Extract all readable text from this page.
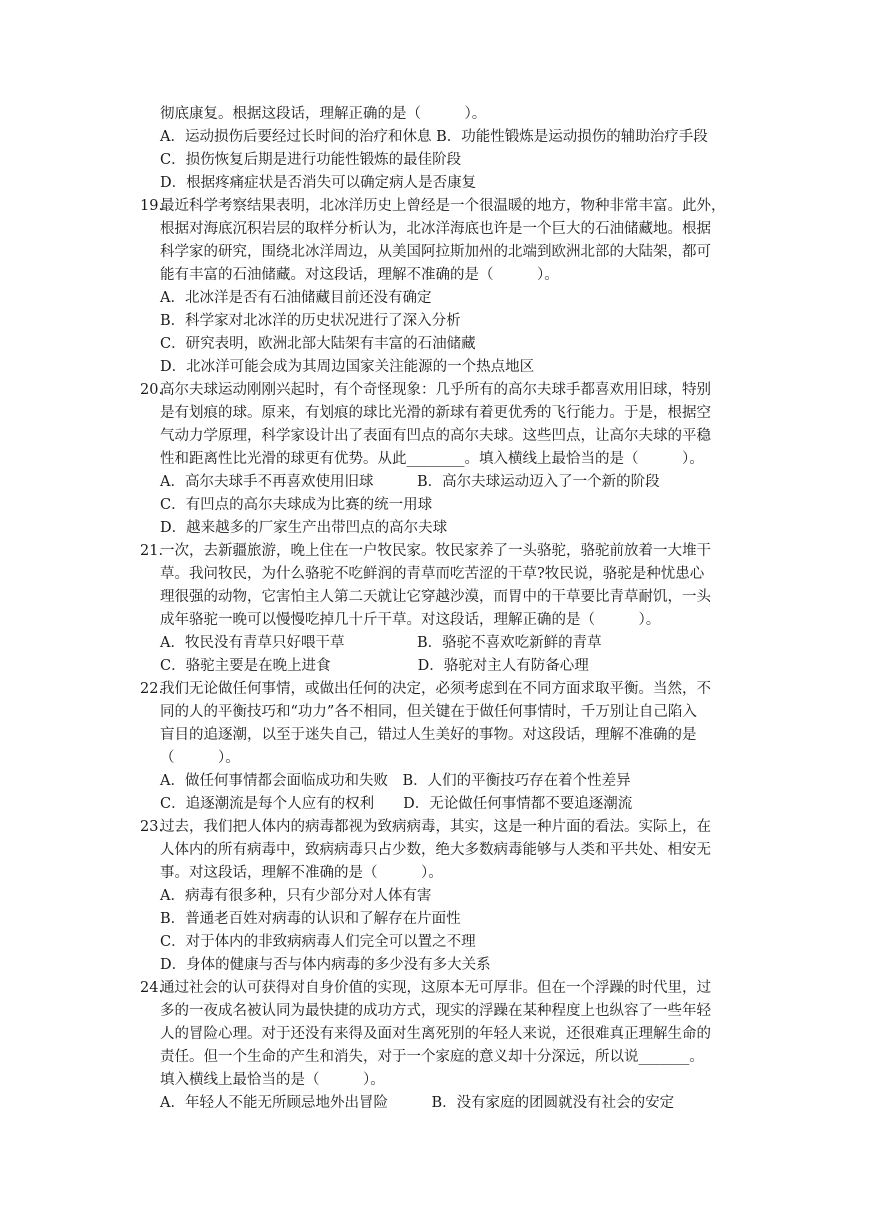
彻底康复。根据这段话，理解正确的是（　　　）。
A．运动损伤后要经过长时间的治疗和休息 B．功能性锻炼是运动损伤的辅助治疗手段
C．损伤恢复后期是进行功能性锻炼的最佳阶段
D．根据疼痛症状是否消失可以确定病人是否康复
19.最近科学考察结果表明，北冰洋历史上曾经是一个很温暖的地方，物种非常丰富。此外，
根据对海底沉积岩层的取样分析认为，北冰洋海底也许是一个巨大的石油储藏地。根据
科学家的研究，围绕北冰洋周边，从美国阿拉斯加州的北端到欧洲北部的大陆架，都可
能有丰富的石油储藏。对这段话，理解不准确的是（　　　）。
A．北冰洋是否有石油储藏目前还没有确定
B．科学家对北冰洋的历史状况进行了深入分析
C．研究表明，欧洲北部大陆架有丰富的石油储藏
D．北冰洋可能会成为其周边国家关注能源的一个热点地区
20.高尔夫球运动刚刚兴起时，有个奇怪现象：几乎所有的高尔夫球手都喜欢用旧球，特别
是有划痕的球。原来，有划痕的球比光滑的新球有着更优秀的飞行能力。于是，根据空
气动力学原理，科学家设计出了表面有凹点的高尔夫球。这些凹点，让高尔夫球的平稳
性和距离性比光滑的球更有优势。从此________。填入横线上最恰当的是（　　　）。
A．高尔夫球手不再喜欢使用旧球　　　B．高尔夫球运动迈入了一个新的阶段
C．有凹点的高尔夫球成为比赛的统一用球
D．越来越多的厂家生产出带凹点的高尔夫球
21.一次，去新疆旅游，晚上住在一户牧民家。牧民家养了一头骆驼，骆驼前放着一大堆干
草。我问牧民，为什么骆驼不吃鲜润的青草而吃苦涩的干草?牧民说，骆驼是种忧患心
理很强的动物，它害怕主人第二天就让它穿越沙漠，而胃中的干草要比青草耐饥，一头
成年骆驼一晚可以慢慢吃掉几十斤干草。对这段话，理解正确的是（　　　）。
A．牧民没有青草只好喂干草　　　　　B．骆驼不喜欢吃新鲜的青草
C．骆驼主要是在晚上进食　　　　　　D．骆驼对主人有防备心理
22.我们无论做任何事情，或做出任何的决定，必须考虑到在不同方面求取平衡。当然，不
同的人的平衡技巧和“功力”各不相同，但关键在于做任何事情时，千万别让自己陷入
盲目的追逐潮，以至于迷失自己，错过人生美好的事物。对这段话，理解不准确的是
（　　　）。
A．做任何事情都会面临成功和失败　B．人们的平衡技巧存在着个性差异
C．追逐潮流是每个人应有的权利　　D．无论做任何事情都不要追逐潮流
23.过去，我们把人体内的病毒都视为致病病毒，其实，这是一种片面的看法。实际上，在
人体内的所有病毒中，致病病毒只占少数，绝大多数病毒能够与人类和平共处、相安无
事。对这段话，理解不准确的是（　　　）。
A．病毒有很多种，只有少部分对人体有害
B．普通老百姓对病毒的认识和了解存在片面性
C．对于体内的非致病病毒人们完全可以置之不理
D．身体的健康与否与体内病毒的多少没有多大关系
24.通过社会的认可获得对自身价值的实现，这原本无可厚非。但在一个浮躁的时代里，过
多的一夜成名被认同为最快捷的成功方式，现实的浮躁在某种程度上也纵容了一些年轻
人的冒险心理。对于还没有来得及面对生离死别的年轻人来说，还很难真正理解生命的
责任。但一个生命的产生和消失，对于一个家庭的意义却十分深远，所以说_______。
填入横线上最恰当的是（　　　）。
A．年轻人不能无所顾忌地外出冒险　　　B．没有家庭的团圆就没有社会的安定
